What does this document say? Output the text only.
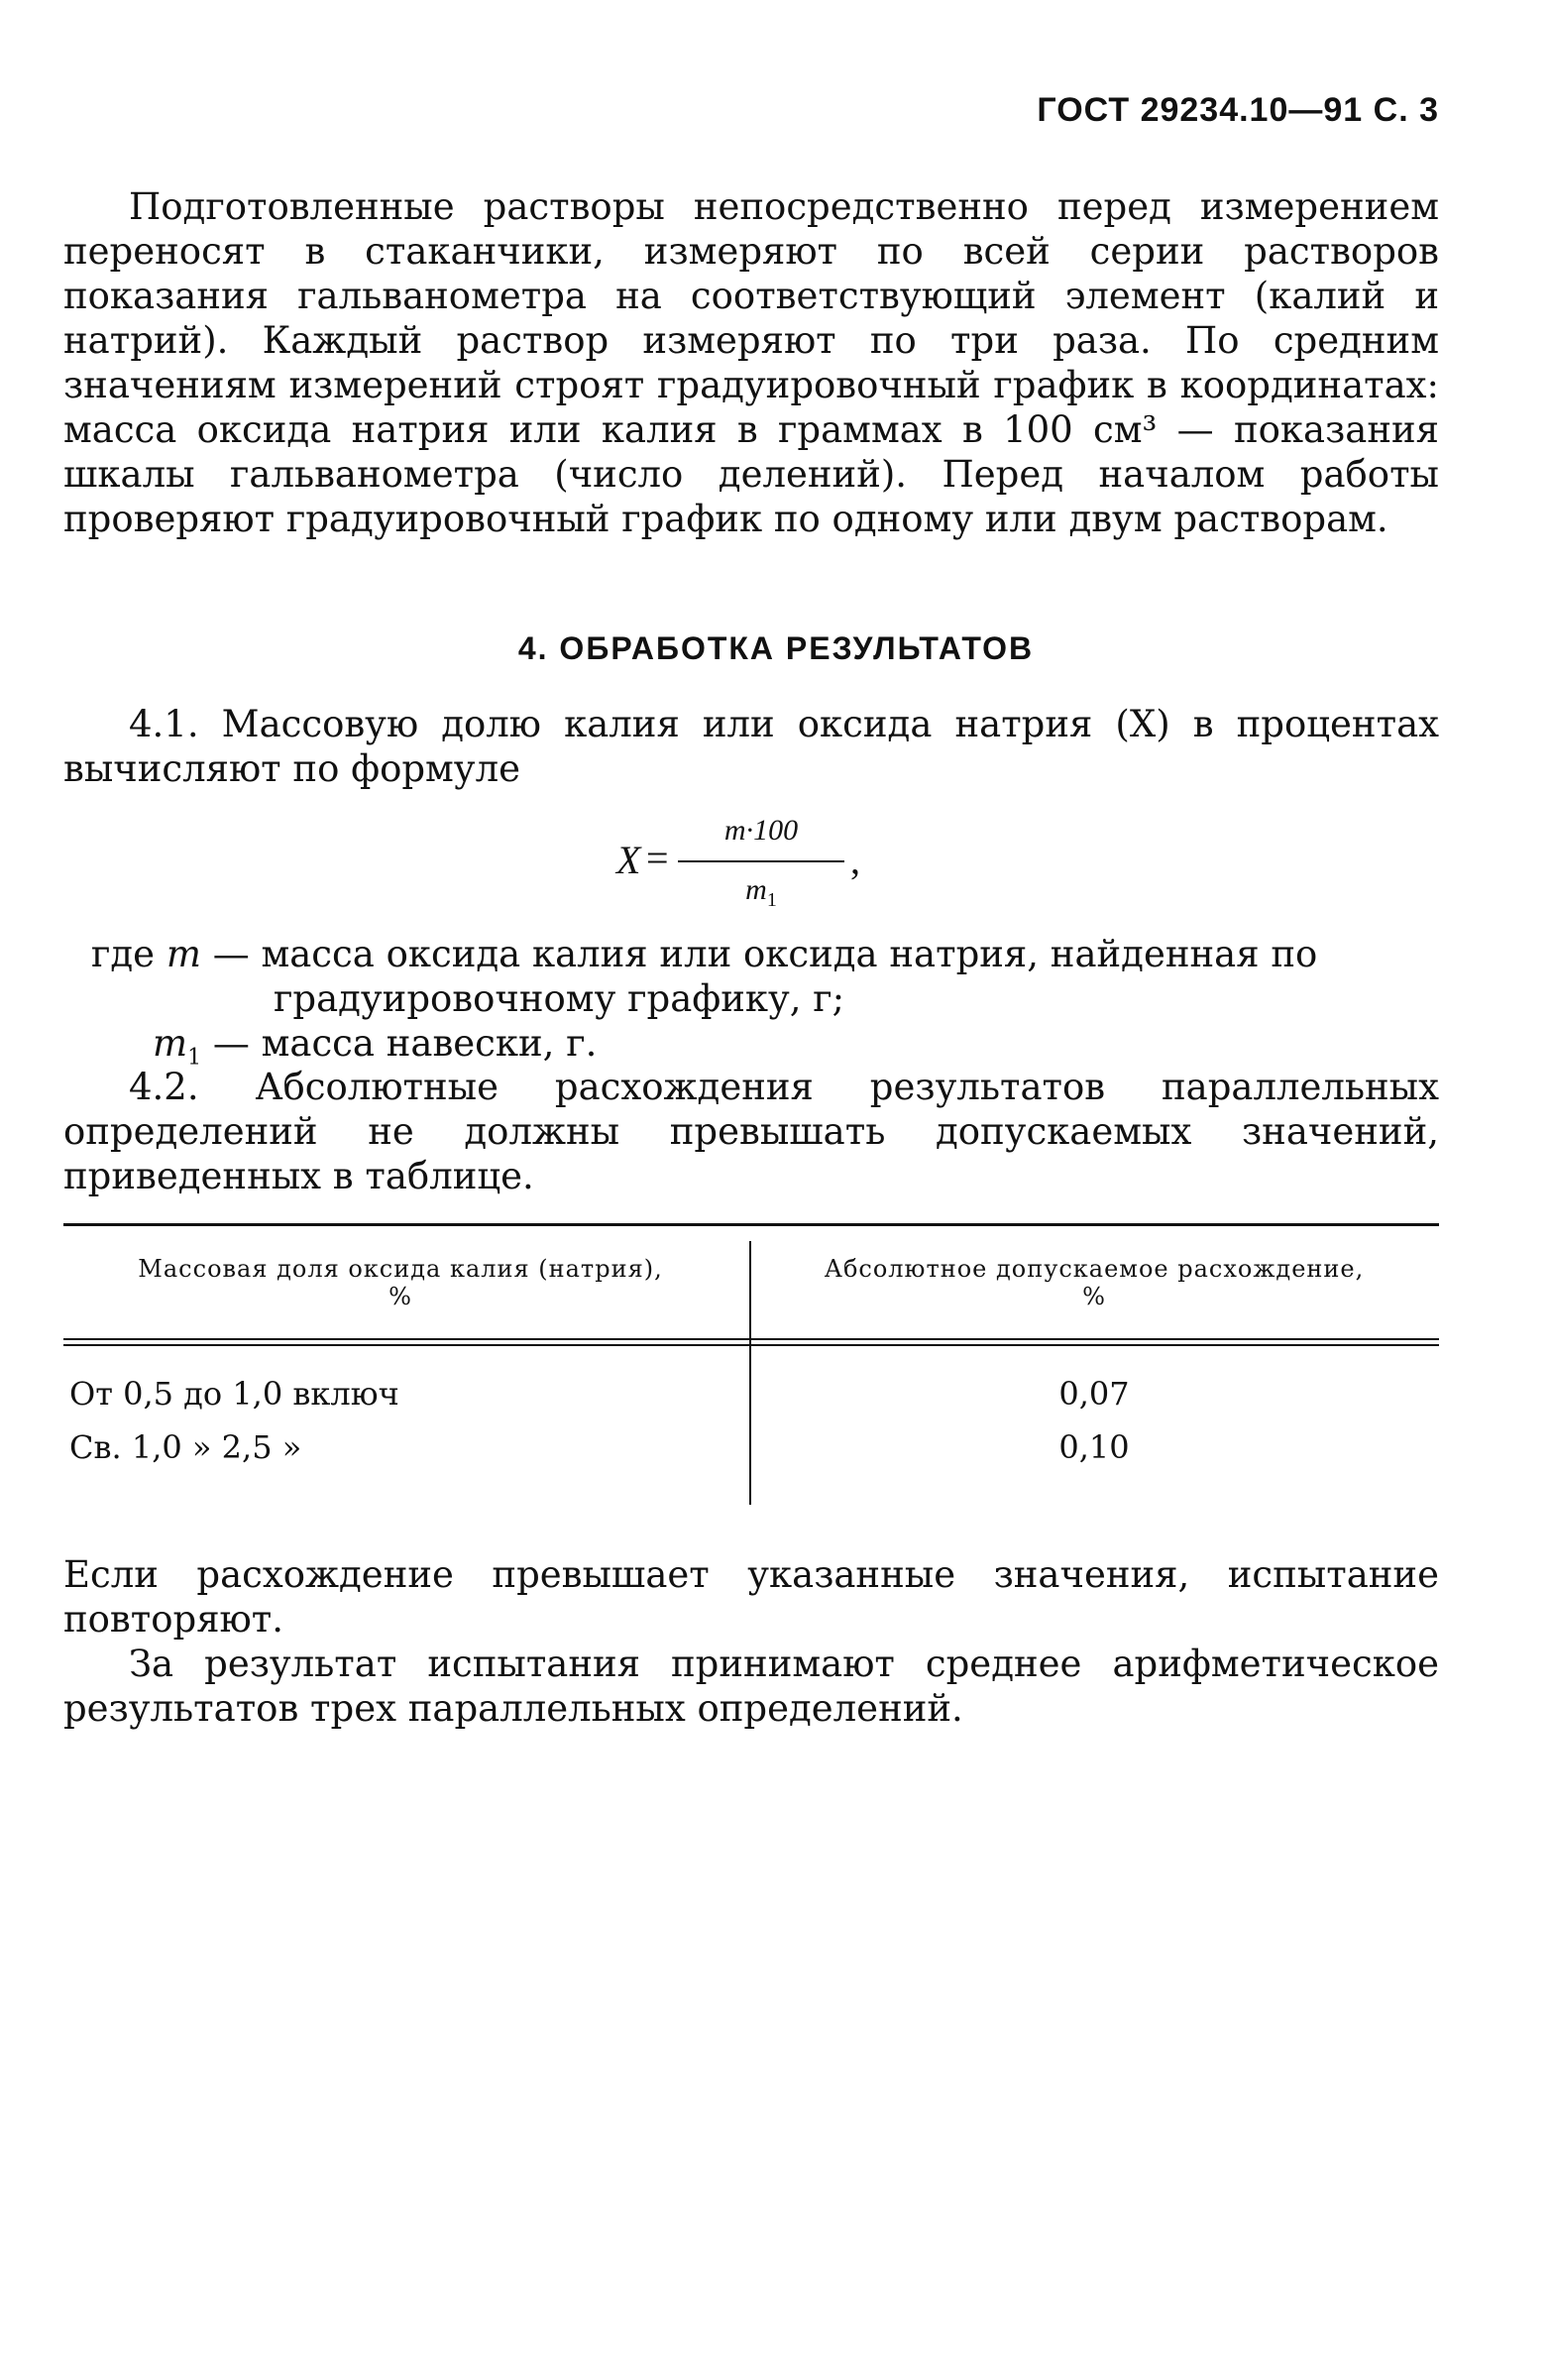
ГОСТ 29234.10—91 С. 3
Подготовленные растворы непосредственно перед измерением переносят в стаканчики, измеряют по всей серии растворов показания гальванометра на соответствующий элемент (калий и натрий). Каждый раствор измеряют по три раза. По средним значениям измерений строят градуировочный график в координатах: масса оксида натрия или калия в граммах в 100 см³ — показания шкалы гальванометра (число делений). Перед началом работы проверяют градуировочный график по одному или двум растворам.
4. ОБРАБОТКА РЕЗУЛЬТАТОВ
4.1. Массовую долю калия или оксида натрия (X) в процентах вычисляют по формуле
X =
m·100
$m_1$
,
где m — масса оксида калия или оксида натрия, найденная по
градуировочному графику, г;
$m_1$ — масса навески, г.
4.2. Абсолютные расхождения результатов параллельных определений не должны превышать допускаемых значений, приведенных в таблице.
Массовая доля оксида калия (натрия), %
Абсолютное допускаемое расхождение, %
От 0,5 до 1,0 включ	0,07
Св. 1,0 » 2,5 »	0,10
Если расхождение превышает указанные значения, испытание повторяют.
За результат испытания принимают среднее арифметическое результатов трех параллельных определений.
